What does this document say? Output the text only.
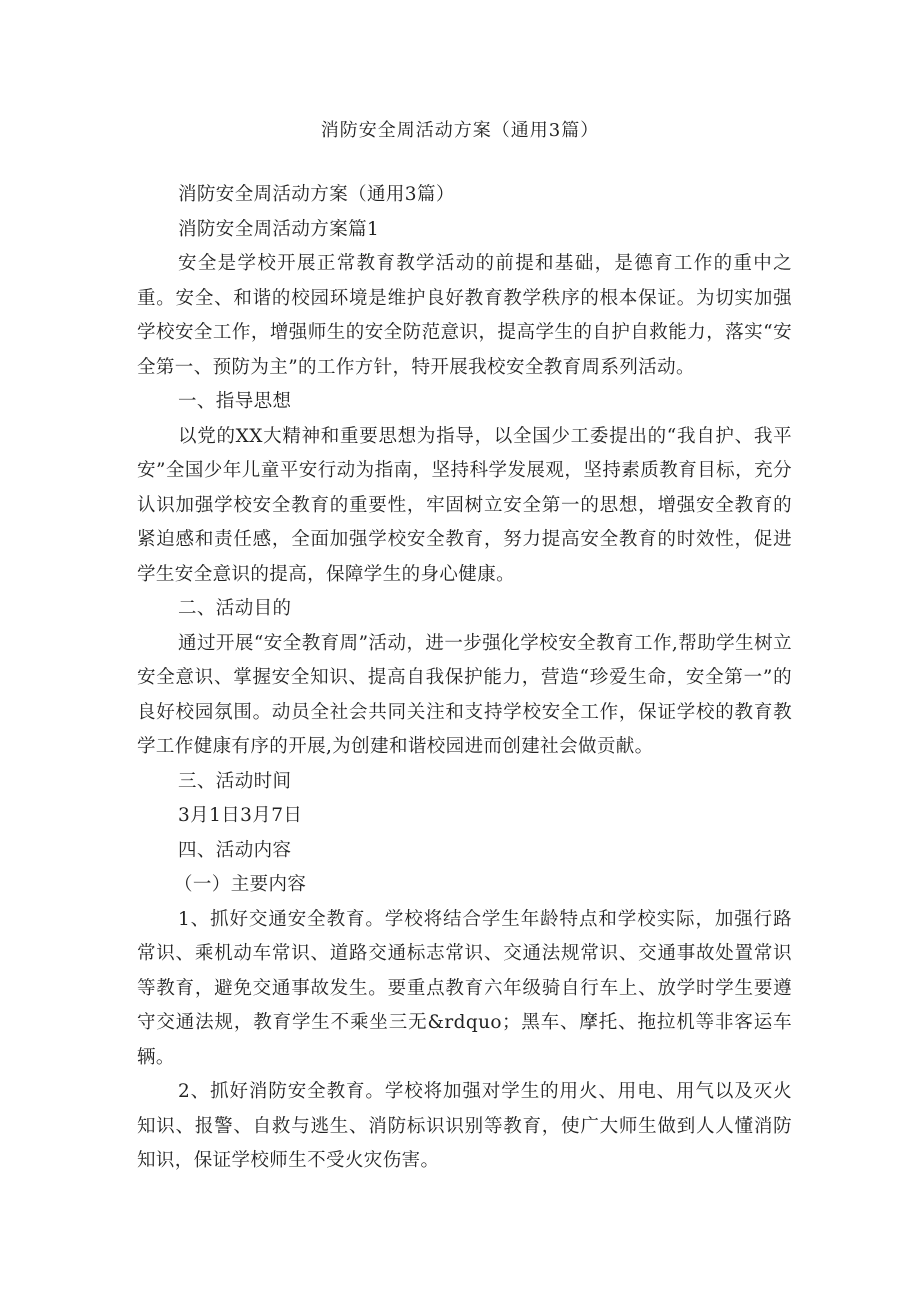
消防安全周活动方案（通用3篇）

消防安全周活动方案（通用3篇）

消防安全周活动方案篇1

安全是学校开展正常教育教学活动的前提和基础，是德育工作的重中之重。安全、和谐的校园环境是维护良好教育教学秩序的根本保证。为切实加强学校安全工作，增强师生的安全防范意识，提高学生的自护自救能力，落实“安全第一、预防为主”的工作方针，特开展我校安全教育周系列活动。

一、指导思想

以党的XX大精神和重要思想为指导，以全国少工委提出的“我自护、我平安”全国少年儿童平安行动为指南，坚持科学发展观，坚持素质教育目标，充分认识加强学校安全教育的重要性，牢固树立安全第一的思想，增强安全教育的紧迫感和责任感，全面加强学校安全教育，努力提高安全教育的时效性，促进学生安全意识的提高，保障学生的身心健康。

二、活动目的

通过开展“安全教育周”活动，进一步强化学校安全教育工作,帮助学生树立安全意识、掌握安全知识、提高自我保护能力，营造“珍爱生命，安全第一”的良好校园氛围。动员全社会共同关注和支持学校安全工作，保证学校的教育教学工作健康有序的开展,为创建和谐校园进而创建社会做贡献。

三、活动时间

3月1日3月7日

四、活动内容

（一）主要内容

1、抓好交通安全教育。学校将结合学生年龄特点和学校实际，加强行路常识、乘机动车常识、道路交通标志常识、交通法规常识、交通事故处置常识等教育，避免交通事故发生。要重点教育六年级骑自行车上、放学时学生要遵守交通法规，教育学生不乘坐三无&rdquo；黑车、摩托、拖拉机等非客运车辆。

2、抓好消防安全教育。学校将加强对学生的用火、用电、用气以及灭火知识、报警、自救与逃生、消防标识识别等教育，使广大师生做到人人懂消防知识，保证学校师生不受火灾伤害。
